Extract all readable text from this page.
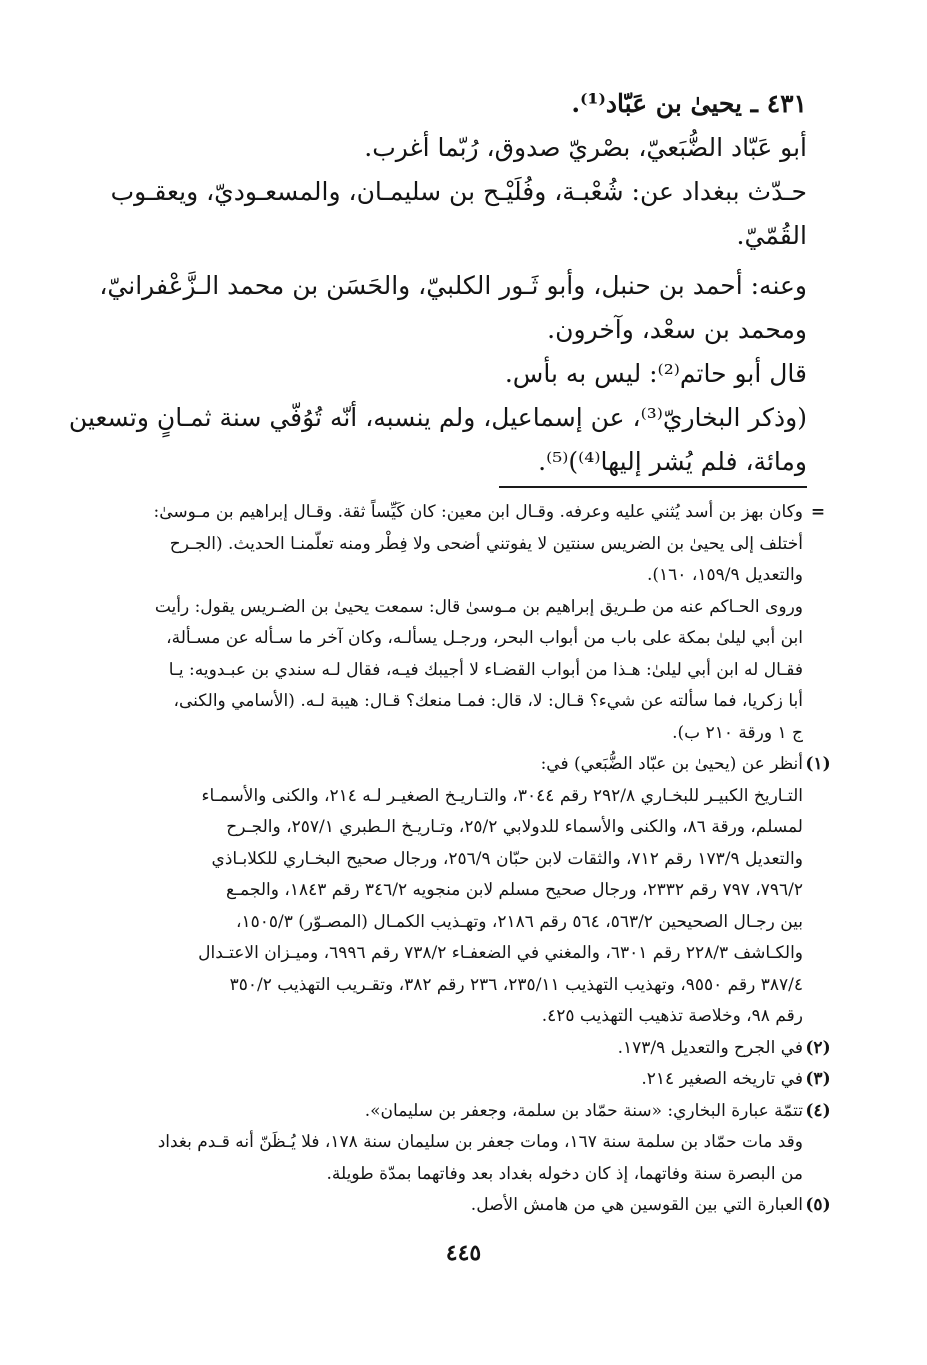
٤٣١ ـ يحيىٰ بن عَبّاد⁽¹⁾.
أبو عَبّاد الضُّبَعيّ، بصْريّ صدوق، رُبّما أغرب.
حـدّث ببغداد عن: شُعْبـة، وفُلَيْـح بن سليمـان، والمسعـوديّ، ويعقـوب
القُمّيّ.
وعنه: أحمد بن حنبل، وأبو ثَـور الكلبيّ، والحَسَن بن محمد الـزَّعْفرانيّ،
ومحمد بن سعْد، وآخرون.
قال أبو حاتم⁽²⁾: ليس به بأس.
(وذكر البخاريّ⁽³⁾، عن إسماعيل، ولم ينسبه، أنّه تُوُفّي سنة ثمـانٍ وتسعين
ومائة، فلم يُشر إليها⁽⁴⁾)⁽⁵⁾.
=
وكان بهز بن أسد يُثني عليه وعرفه. وقـال ابن معين: كان كَيِّساً ثقة. وقـال إبراهيم بن مـوسىٰ:
أختلف إلى يحيىٰ بن الضريس سنتين لا يفوتني أضحى ولا فِطْر ومنه تعلّمنـا الحديث. (الجـرح
والتعديل ١٥٩/٩، ١٦٠).
وروى الحـاكم عنه من طـريق إبراهيم بن مـوسىٰ قال: سمعت يحيىٰ بن الضـريس يقول: رأيت
ابن أبي ليلىٰ بمكة على باب من أبواب البحر، ورجـل يسألـه، وكان آخر ما سـأله عن مسـألة،
فقـال له ابن أبي ليلىٰ: هـذا من أبواب القضـاء لا أجيبك فيـه، فقال لـه سندي بن عبـدويه: يـا
أبا زكريا، فما سألته عن شيء؟ قـال: لا، قال: فمـا منعك؟ قـال: هيبة لـه. (الأسامي والكنى،
ج ١ ورقة ٢١٠ ب).
(١)
أنظر عن (يحيىٰ بن عبّاد الضُّبَعي) في:
التـاريخ الكبيـر للبخـاري ٢٩٢/٨ رقم ٣٠٤٤، والتـاريـخ الصغيـر لـه ٢١٤، والكنى والأسمـاء
لمسلم، ورقة ٨٦، والكنى والأسماء للدولابي ٢٥/٢، وتـاريـخ الـطبري ٢٥٧/١، والجـرح
والتعديل ١٧٣/٩ رقم ٧١٢، والثقات لابن حبّان ٢٥٦/٩، ورجال صحيح البخـاري للكلابـاذي
٧٩٦/٢، ٧٩٧ رقم ٢٣٣٢، ورجال صحيح مسلم لابن منجويه ٣٤٦/٢ رقم ١٨٤٣، والجمـع
بين رجـال الصحيحين ٥٦٣/٢، ٥٦٤ رقم ٢١٨٦، وتهـذيب الكمـال (المصـوّر) ١٥٠٥/٣،
والكـاشف ٢٢٨/٣ رقم ٦٣٠١، والمغني في الضعفـاء ٧٣٨/٢ رقم ٦٩٩٦، وميـزان الاعتـدال
٣٨٧/٤ رقم ٩٥٥٠، وتهذيب التهذيب ٢٣٥/١١، ٢٣٦ رقم ٣٨٢، وتقـريب التهذيب ٣٥٠/٢
رقم ٩٨، وخلاصة تذهيب التهذيب ٤٢٥.
(٢)
في الجرح والتعديل ١٧٣/٩.
(٣)
في تاريخه الصغير ٢١٤.
(٤)
تتمّة عبارة البخاري: «سنة حمّاد بن سلمة، وجعفر بن سليمان».
وقد مات حمّاد بن سلمة سنة ١٦٧، ومات جعفر بن سليمان سنة ١٧٨، فلا يُـظَنّ أنه قـدم بغداد
من البصرة سنة وفاتهما، إذ كان دخوله بغداد بعد وفاتهما بمدّة طويلة.
(٥)
العبارة التي بين القوسين هي من هامش الأصل.
٤٤٥
